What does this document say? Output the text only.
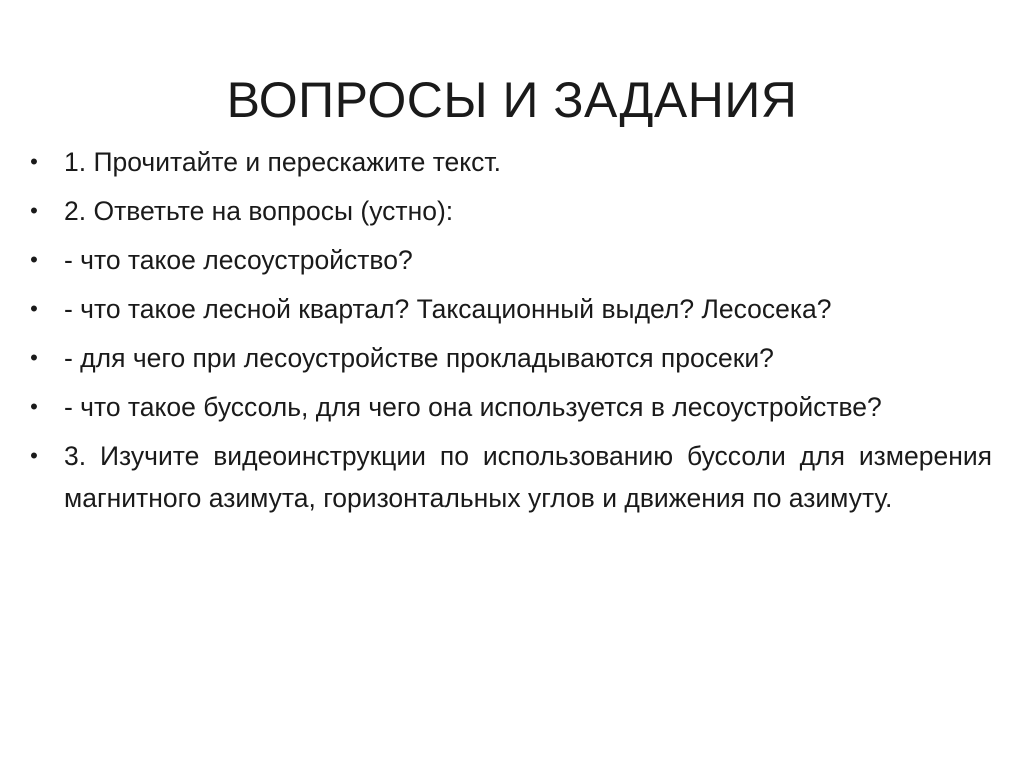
ВОПРОСЫ И ЗАДАНИЯ
• 1. Прочитайте и перескажите текст.
• 2. Ответьте на вопросы (устно):
• - что такое лесоустройство?
• - что такое лесной квартал? Таксационный выдел? Лесосека?
• - для чего при лесоустройстве прокладываются просеки?
• - что такое буссоль, для чего она используется в лесоустройстве?
• 3. Изучите видеоинструкции по использованию буссоли для измерения магнитного азимута, горизонтальных углов и движения по азимуту.
